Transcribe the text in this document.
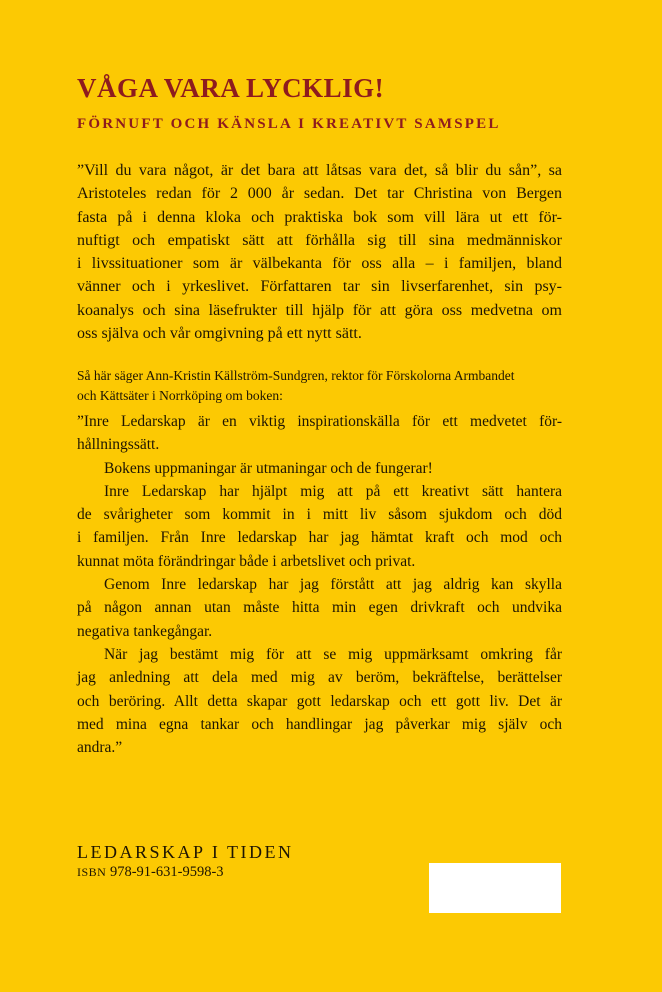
VÅGA VARA LYCKLIG!
FÖRNUFT OCH KÄNSLA I KREATIVT SAMSPEL
”Vill du vara något, är det bara att låtsas vara det, så blir du sån”, sa
Aristoteles redan för 2 000 år sedan. Det tar Christina von Bergen
fasta på i denna kloka och praktiska bok som vill lära ut ett för-
nuftigt och empatiskt sätt att förhålla sig till sina medmänniskor
i livssituationer som är välbekanta för oss alla – i familjen, bland
vänner och i yrkeslivet. Författaren tar sin livserfarenhet, sin psy-
koanalys och sina läsefrukter till hjälp för att göra oss medvetna om
oss själva och vår omgivning på ett nytt sätt.
Så här säger Ann-Kristin Källström-Sundgren, rektor för Förskolorna Armbandet
och Kättsäter i Norrköping om boken:
”Inre Ledarskap är en viktig inspirationskälla för ett medvetet för-
hållningssätt.
Bokens uppmaningar är utmaningar och de fungerar!
Inre Ledarskap har hjälpt mig att på ett kreativt sätt hantera
de svårigheter som kommit in i mitt liv såsom sjukdom och död
i familjen. Från Inre ledarskap har jag hämtat kraft och mod och
kunnat möta förändringar både i arbetslivet och privat.
Genom Inre ledarskap har jag förstått att jag aldrig kan skylla
på någon annan utan måste hitta min egen drivkraft och undvika
negativa tankegångar.
När jag bestämt mig för att se mig uppmärksamt omkring får
jag anledning att dela med mig av beröm, bekräftelse, berättelser
och beröring. Allt detta skapar gott ledarskap och ett gott liv. Det är
med mina egna tankar och handlingar jag påverkar mig själv och
andra.”
LEDARSKAP I TIDEN
ISBN 978-91-631-9598-3
